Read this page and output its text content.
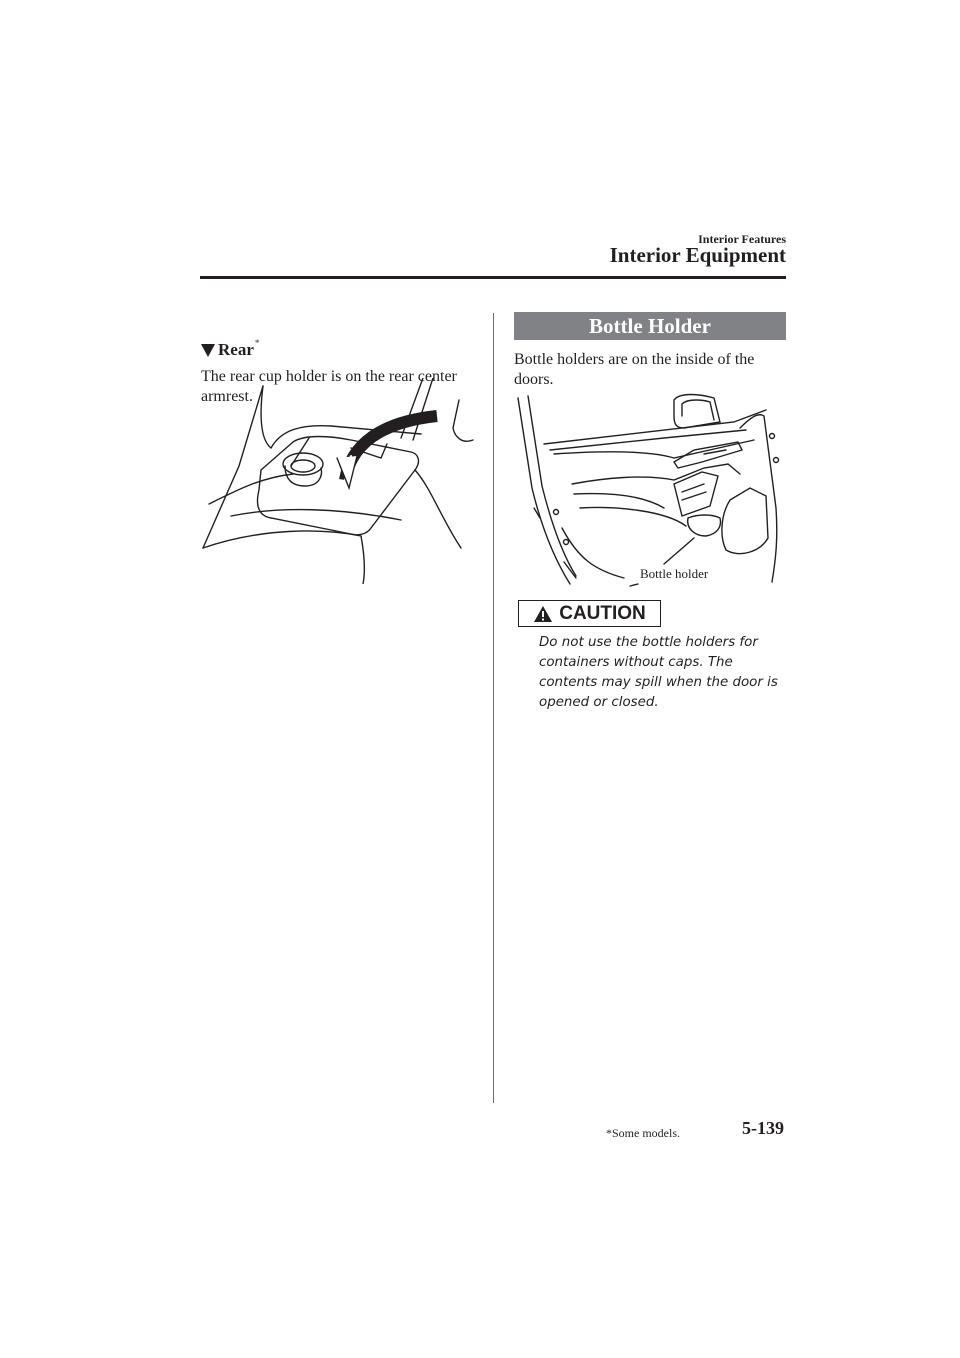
Interior Features
Interior Equipment
Rear *
The rear cup holder is on the rear center armrest.
Bottle Holder
Bottle holders are on the inside of the doors.
Bottle holder
CAUTION
Do not use the bottle holders for containers without caps. The contents may spill when the door is opened or closed.
*Some models.	5-139
